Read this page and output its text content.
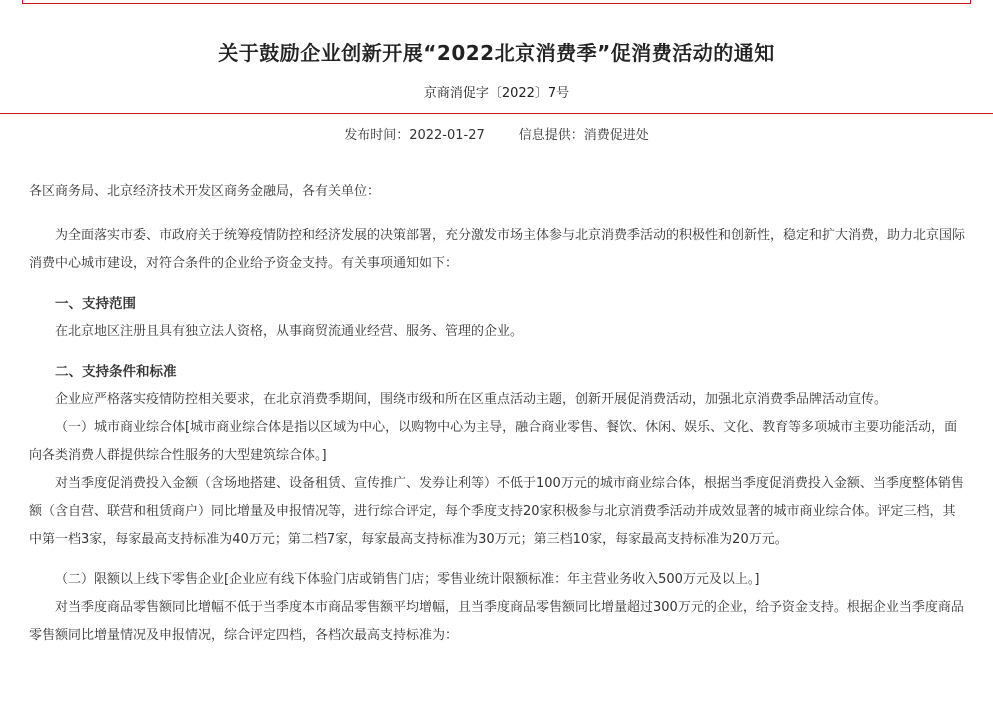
关于鼓励企业创新开展“2022北京消费季”促消费活动的通知
京商消促字〔2022〕7号
发布时间：2022-01-27	信息提供：消费促进处

各区商务局、北京经济技术开发区商务金融局，各有关单位：

为全面落实市委、市政府关于统筹疫情防控和经济发展的决策部署，充分激发市场主体参与北京消费季活动的积极性和创新性，稳定和扩大消费，助力北京国际消费中心城市建设，对符合条件的企业给予资金支持。有关事项通知如下：

一、支持范围

在北京地区注册且具有独立法人资格，从事商贸流通业经营、服务、管理的企业。

二、支持条件和标准

企业应严格落实疫情防控相关要求，在北京消费季期间，围绕市级和所在区重点活动主题，创新开展促消费活动，加强北京消费季品牌活动宣传。

（一）城市商业综合体[城市商业综合体是指以区域为中心，以购物中心为主导，融合商业零售、餐饮、休闲、娱乐、文化、教育等多项城市主要功能活动，面向各类消费人群提供综合性服务的大型建筑综合体。]

对当季度促消费投入金额（含场地搭建、设备租赁、宣传推广、发券让利等）不低于100万元的城市商业综合体，根据当季度促消费投入金额、当季度整体销售额（含自营、联营和租赁商户）同比增量及申报情况等，进行综合评定，每个季度支持20家积极参与北京消费季活动并成效显著的城市商业综合体。评定三档，其中第一档3家，每家最高支持标准为40万元；第二档7家，每家最高支持标准为30万元；第三档10家，每家最高支持标准为20万元。

（二）限额以上线下零售企业[企业应有线下体验门店或销售门店；零售业统计限额标准：年主营业务收入500万元及以上。]

对当季度商品零售额同比增幅不低于当季度本市商品零售额平均增幅，且当季度商品零售额同比增量超过300万元的企业，给予资金支持。根据企业当季度商品零售额同比增量情况及申报情况，综合评定四档，各档次最高支持标准为：
